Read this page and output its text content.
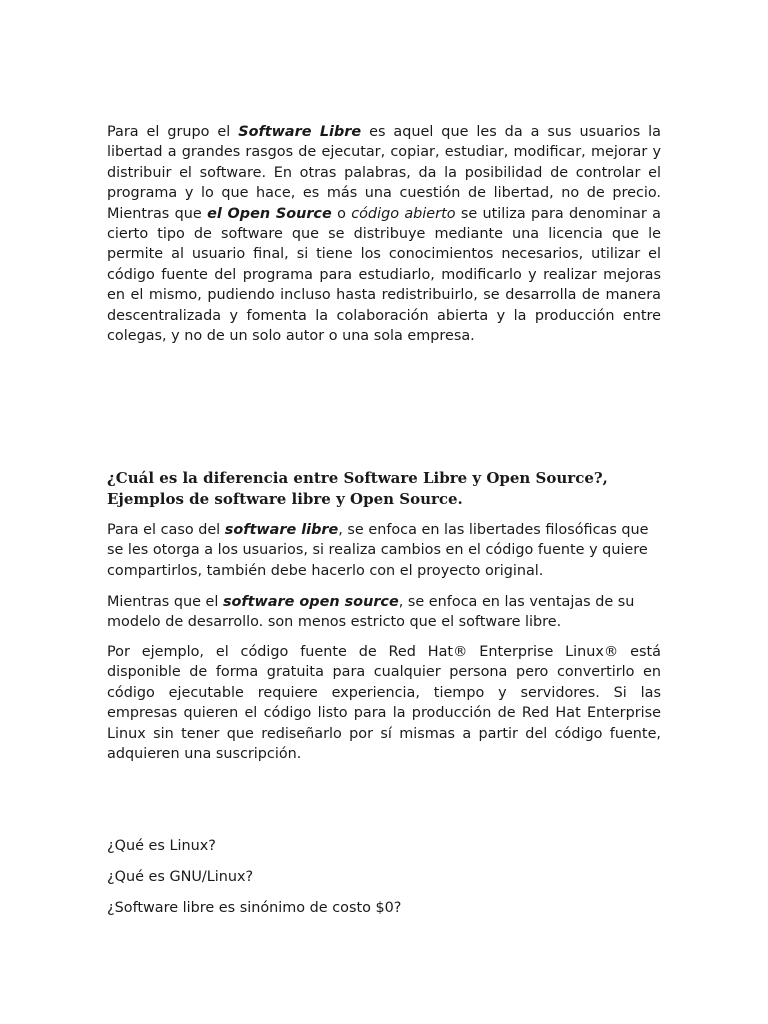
Para el grupo el Software Libre es aquel que les da a sus usuarios la libertad a grandes rasgos de ejecutar, copiar, estudiar, modificar, mejorar y distribuir el software. En otras palabras, da la posibilidad de controlar el programa y lo que hace, es más una cuestión de libertad, no de precio. Mientras que el Open Source o código abierto se utiliza para denominar a cierto tipo de software que se distribuye mediante una licencia que le permite al usuario final, si tiene los conocimientos necesarios, utilizar el código fuente del programa para estudiarlo, modificarlo y realizar mejoras en el mismo, pudiendo incluso hasta redistribuirlo, se desarrolla de manera descentralizada y fomenta la colaboración abierta y la producción entre colegas, y no de un solo autor o una sola empresa.

¿Cuál es la diferencia entre Software Libre y Open Source?, Ejemplos de software libre y Open Source.

Para el caso del software libre, se enfoca en las libertades filosóficas que se les otorga a los usuarios, si realiza cambios en el código fuente y quiere compartirlos, también debe hacerlo con el proyecto original.

Mientras que el software open source, se enfoca en las ventajas de su modelo de desarrollo. son menos estricto que el software libre.

Por ejemplo, el código fuente de Red Hat® Enterprise Linux® está disponible de forma gratuita para cualquier persona pero convertirlo en código ejecutable requiere experiencia, tiempo y servidores. Si las empresas quieren el código listo para la producción de Red Hat Enterprise Linux sin tener que rediseñarlo por sí mismas a partir del código fuente, adquieren una suscripción.

¿Qué es Linux?

¿Qué es GNU/Linux?

¿Software libre es sinónimo de costo $0?
